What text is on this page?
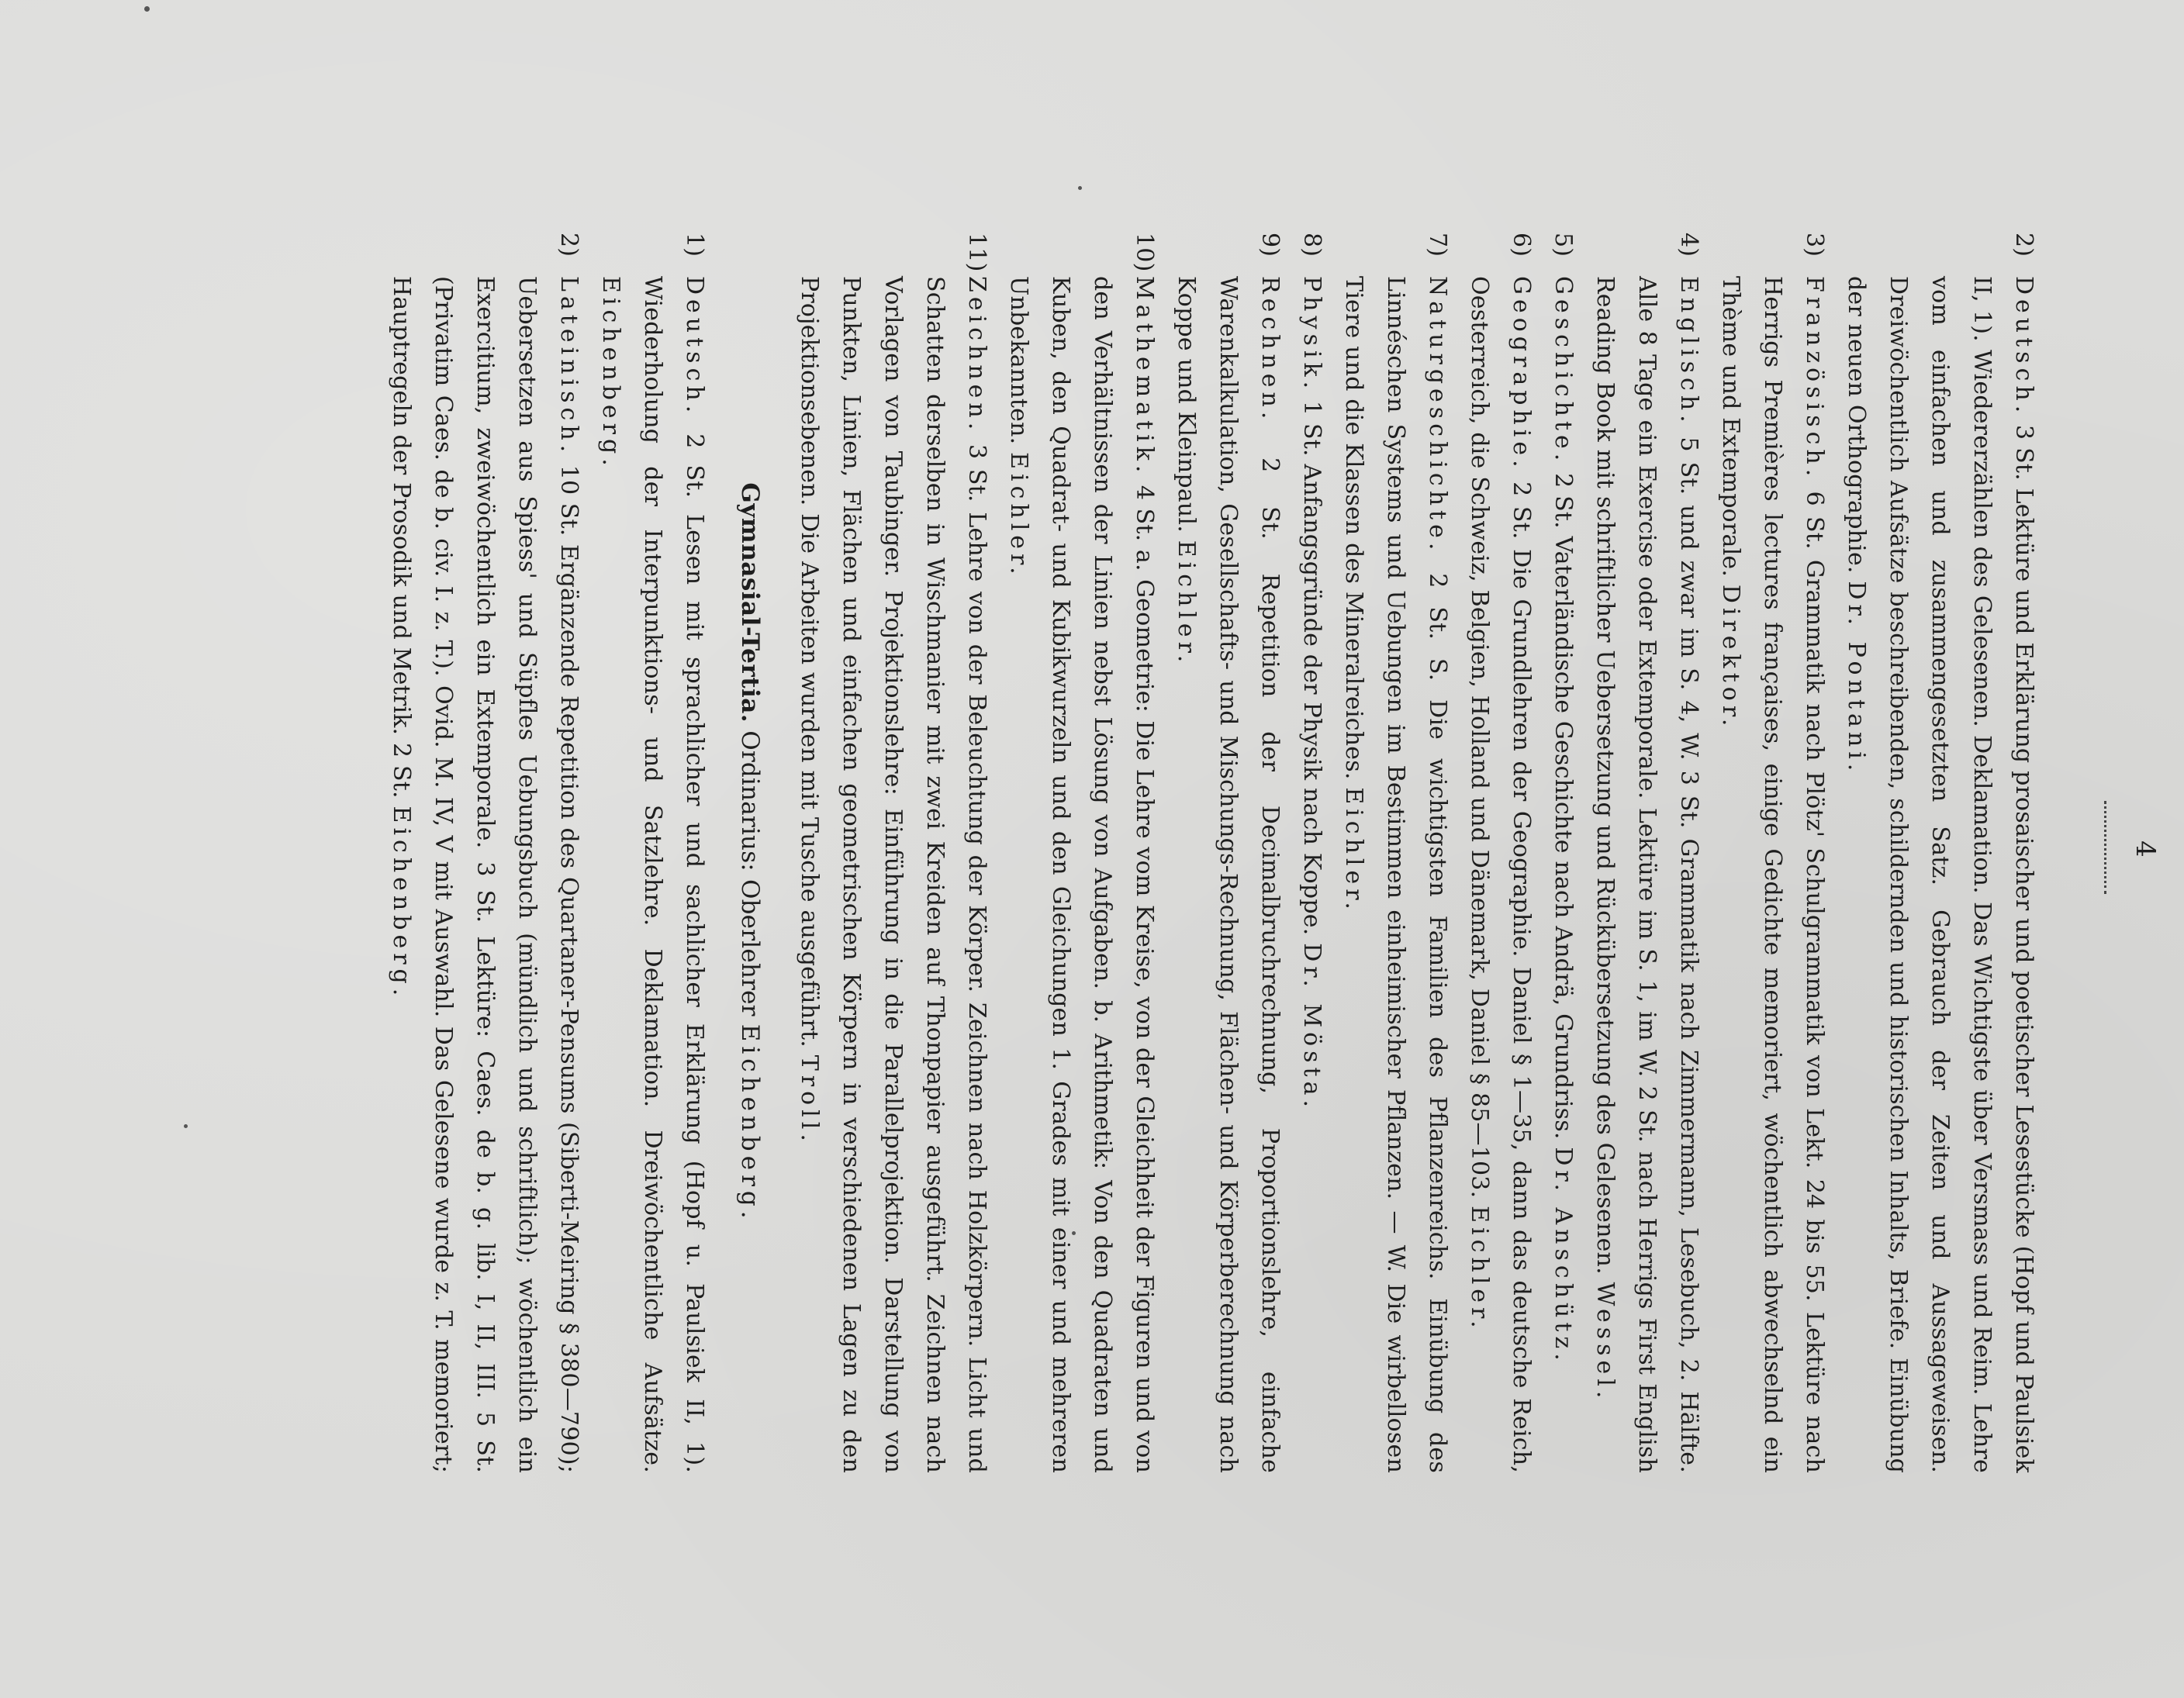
4
2)
Deutsch. 3 St. Lektüre und Erklärung prosaischer und poetischer Lesestücke (Hopf und Paulsiek II, 1). Wiedererzählen des Gelesenen. Deklamation. Das Wichtigste über Versmass und Reim. Lehre vom einfachen und zusammengesetzten Satz. Gebrauch der Zeiten und Aussageweisen. Dreiwöchentlich Aufsätze beschreibenden, schildernden und historischen Inhalts, Briefe. Einübung der neuen Orthographie. Dr. Pontani.
3)
Französisch. 6 St. Grammatik nach Plötz' Schulgrammatik von Lekt. 24 bis 55. Lektüre nach Herrigs Premières lectures françaises, einige Gedichte memoriert, wöchentlich abwechselnd ein Thème und Extemporale. Direktor.
4)
Englisch. 5 St. und zwar im S. 4, W. 3 St. Grammatik nach Zimmermann, Lesebuch, 2. Hälfte. Alle 8 Tage ein Exercise oder Extemporale. Lektüre im S. 1, im W. 2 St. nach Herrigs First English Reading Book mit schriftlicher Uebersetzung und Rückübersetzung des Gelesenen. Wessel.
5)
Geschichte. 2 St. Vaterländische Geschichte nach Andrä, Grundriss. Dr. Anschütz.
6)
Geographie. 2 St. Die Grundlehren der Geographie. Daniel § 1—35, dann das deutsche Reich, Oesterreich, die Schweiz, Belgien, Holland und Dänemark, Daniel § 85—103. Eichler.
7)
Naturgeschichte. 2 St. S. Die wichtigsten Familien des Pflanzenreichs. Einübung des Linnéschen Systems und Uebungen im Bestimmen einheimischer Pflanzen. — W. Die wirbellosen Tiere und die Klassen des Mineralreiches. Eichler.
8)
Physik. 1 St. Anfangsgründe der Physik nach Koppe. Dr. Mösta.
9)
Rechnen. 2 St. Repetition der Decimalbruchrechnung, Proportionslehre, einfache Warenkalkulation, Gesellschafts- und Mischungs-Rechnung, Flächen- und Körperberechnung nach Koppe und Kleinpaul. Eichler.
10)
Mathematik. 4 St. a. Geometrie: Die Lehre vom Kreise, von der Gleichheit der Figuren und von den Verhältnissen der Linien nebst Lösung von Aufgaben. b. Arithmetik: Von den Quadraten und Kuben, den Quadrat- und Kubikwurzeln und den Gleichungen 1. Grades mit einer und mehreren Unbekannten. Eichler.
11)
Zeichnen. 3 St. Lehre von der Beleuchtung der Körper. Zeichnen nach Holzkörpern. Licht und Schatten derselben in Wischmanier mit zwei Kreiden auf Thonpapier ausgeführt. Zeichnen nach Vorlagen von Taubinger. Projektionslehre: Einführung in die Parallelprojektion. Darstellung von Punkten, Linien, Flächen und einfachen geometrischen Körpern in verschiedenen Lagen zu den Projektionsebenen. Die Arbeiten wurden mit Tusche ausgeführt. Troll.
Gymnasial-Tertia. Ordinarius: Oberlehrer Eichenberg.
1)
Deutsch. 2 St. Lesen mit sprachlicher und sachlicher Erklärung (Hopf u. Paulsiek II, 1). Wiederholung der Interpunktions- und Satzlehre. Deklamation. Dreiwöchentliche Aufsätze. Eichenberg.
2)
Lateinisch. 10 St. Ergänzende Repetition des Quartaner-Pensums (Siberti-Meiring § 380—790); Uebersetzen aus Spiess' und Süpfles Uebungsbuch (mündlich und schriftlich); wöchentlich ein Exercitium, zweiwöchentlich ein Extemporale. 3 St. Lektüre: Caes. de b. g. lib. I, II, III. 5 St. (Privatim Caes. de b. civ. I. z. T.). Ovid. M. IV, V mit Auswahl. Das Gelesene wurde z. T. memoriert; Hauptregeln der Prosodik und Metrik. 2 St. Eichenberg.
